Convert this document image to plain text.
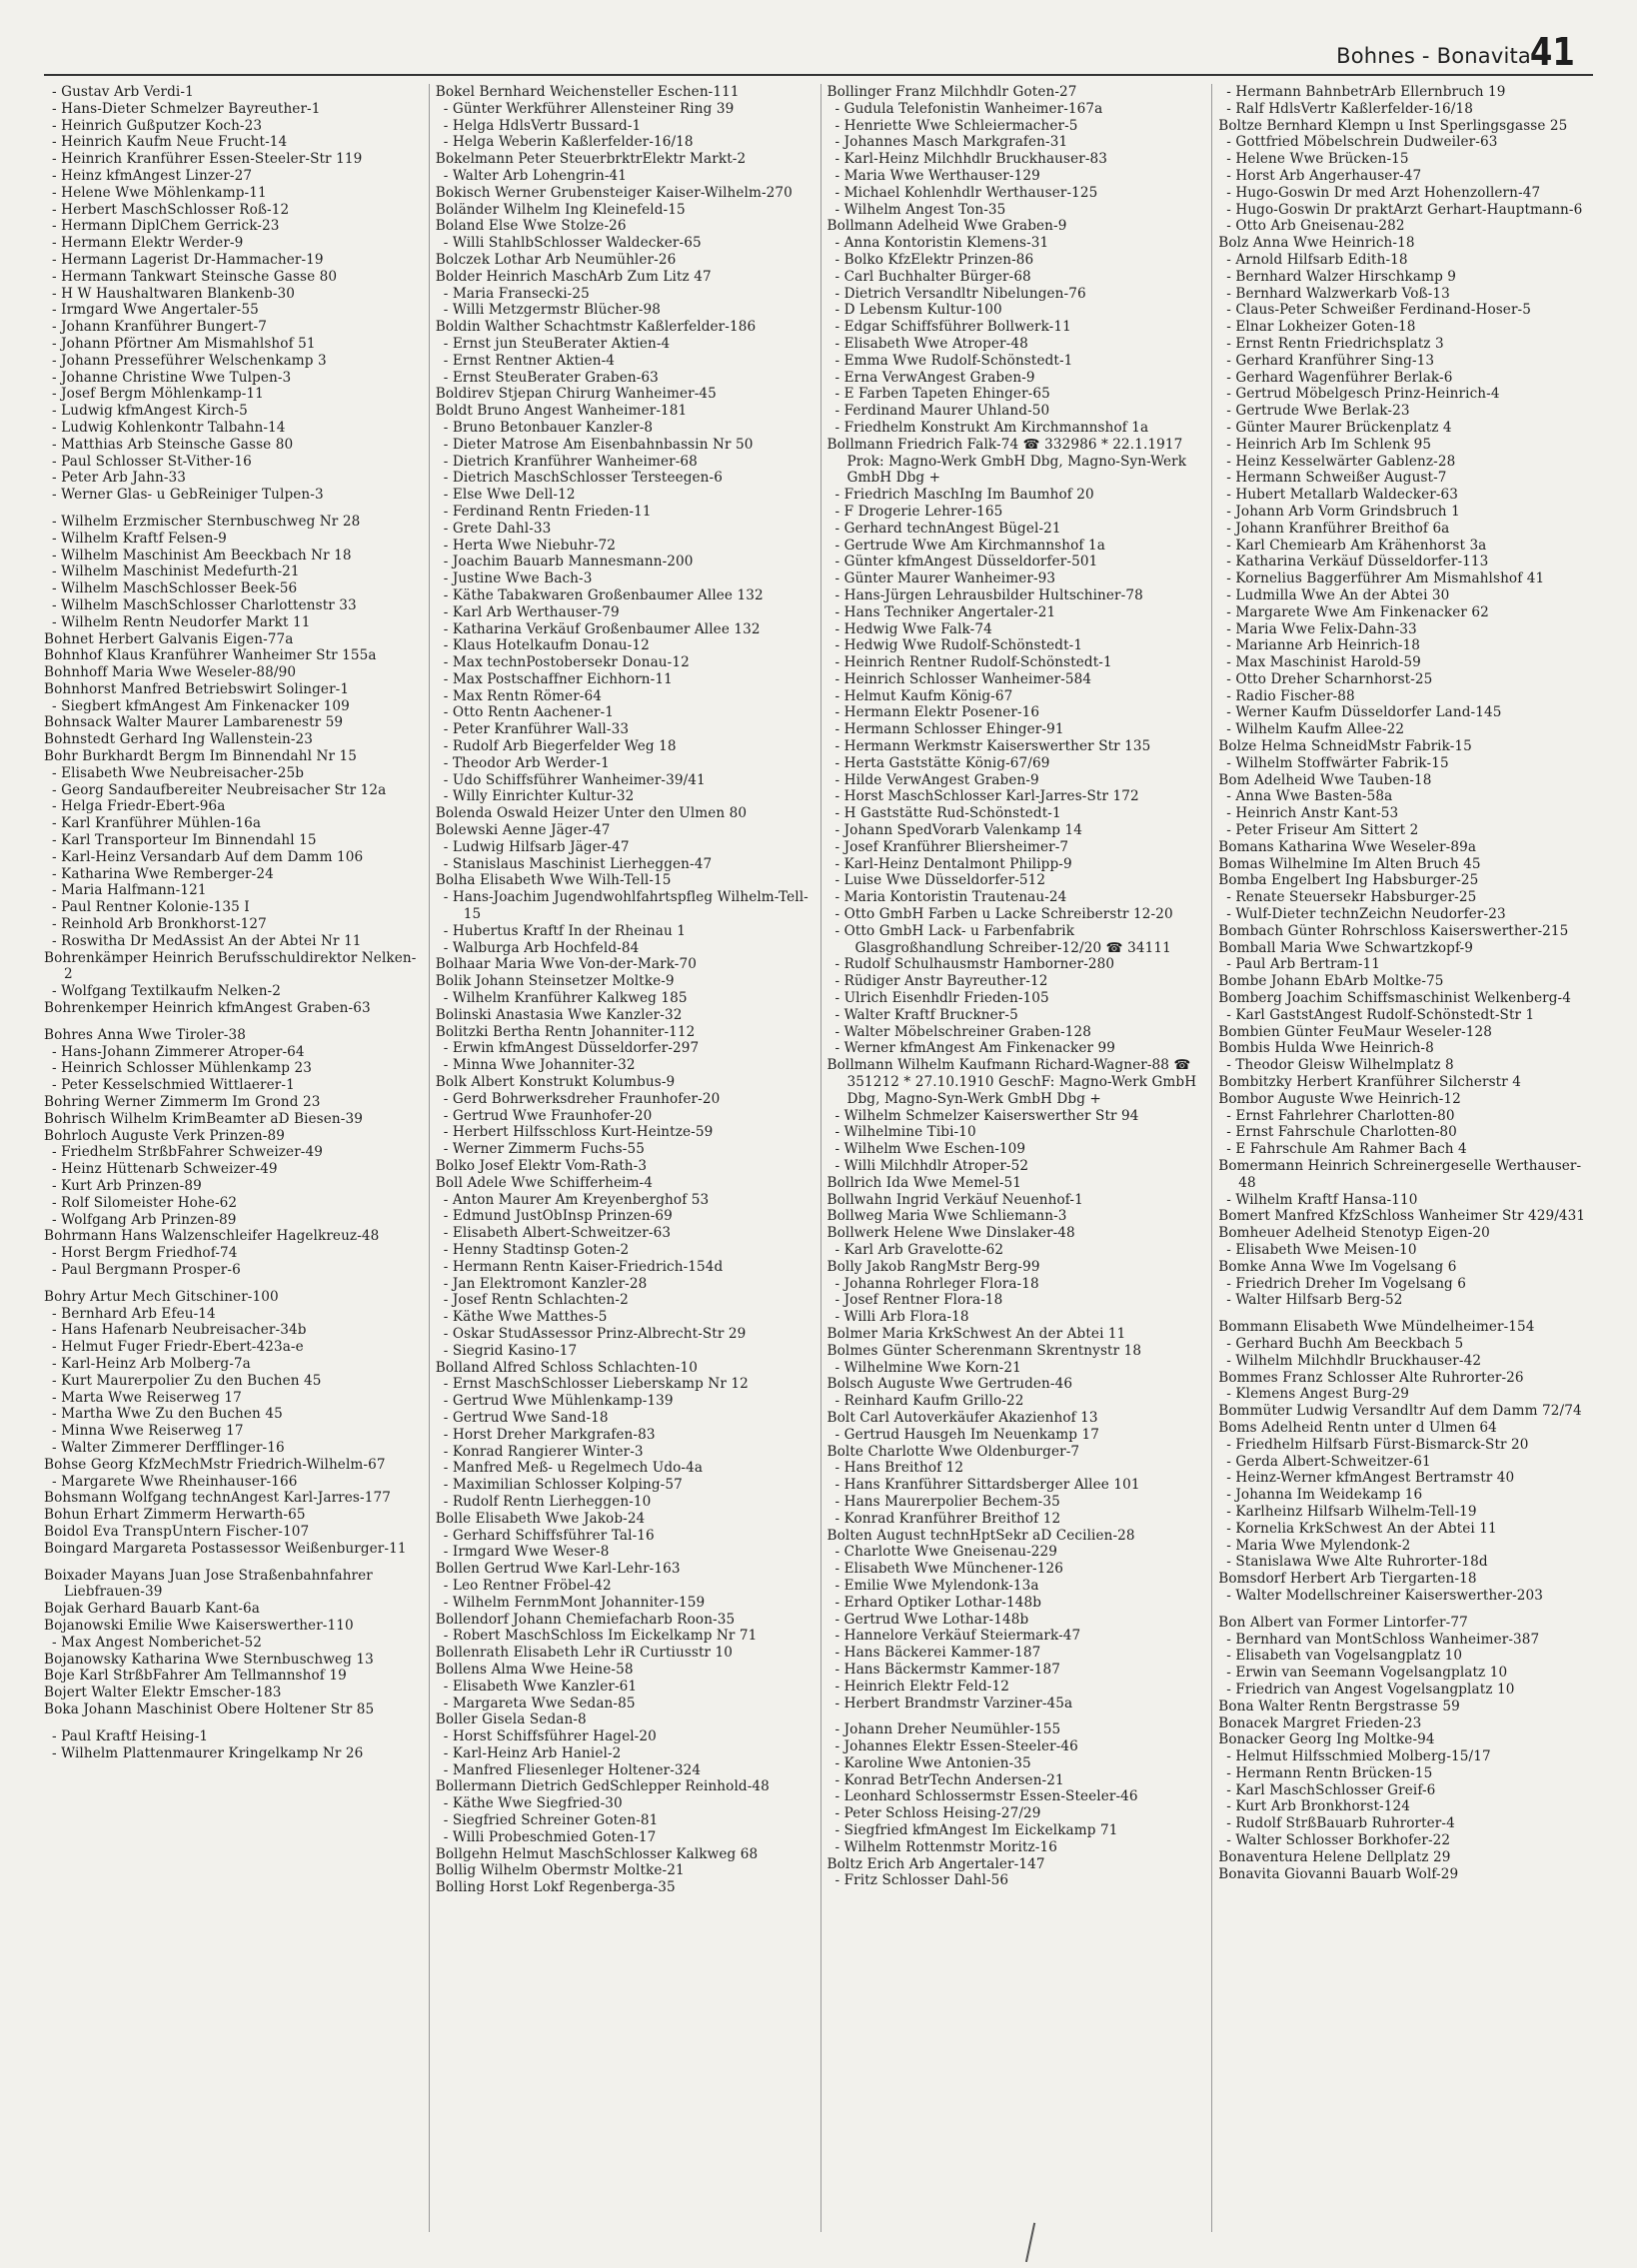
Bohnes - Bonavita 41
- Gustav Arb Verdi-1
- Hans-Dieter Schmelzer Bayreuther-1
- Heinrich Gußputzer Koch-23
- Heinrich Kaufm Neue Frucht-14
- Heinrich Kranführer Essen-Steeler-Str 119
- Heinz kfmAngest Linzer-27
- Helene Wwe Möhlenkamp-11
- Herbert MaschSchlosser Roß-12
- Hermann DiplChem Gerrick-23
- Hermann Elektr Werder-9
- Hermann Lagerist Dr-Hammacher-19
- Hermann Tankwart Steinsche Gasse 80
- H W Haushaltwaren Blankenb-30
- Irmgard Wwe Angertaler-55
- Johann Kranführer Bungert-7
- Johann Pförtner Am Mismahlshof 51
- Johann Presseführer Welschenkamp 3
- Johanne Christine Wwe Tulpen-3
- Josef Bergm Möhlenkamp-11
- Ludwig kfmAngest Kirch-5
- Ludwig Kohlenkontr Talbahn-14
- Matthias Arb Steinsche Gasse 80
- Paul Schlosser St-Vither-16
- Peter Arb Jahn-33
- Werner Glas- u GebReiniger Tulpen-3
- Wilhelm Erzmischer Sternbuschweg Nr 28
- Wilhelm Kraftf Felsen-9
- Wilhelm Maschinist Am Beeckbach Nr 18
- Wilhelm Maschinist Medefurth-21
- Wilhelm MaschSchlosser Beek-56
- Wilhelm MaschSchlosser Charlottenstr 33
- Wilhelm Rentn Neudorfer Markt 11
Bohnet Herbert Galvanis Eigen-77a
Bohnhof Klaus Kranführer Wanheimer Str 155a
Bohnhoff Maria Wwe Weseler-88/90
Bohnhorst Manfred Betriebswirt Solinger-1
- Siegbert kfmAngest Am Finkenacker 109
Bohnsack Walter Maurer Lambarenestr 59
Bohnstedt Gerhard Ing Wallenstein-23
Bohr Burkhardt Bergm Im Binnendahl Nr 15
- Elisabeth Wwe Neubreisacher-25b
- Georg Sandaufbereiter Neubreisacher Str 12a
- Helga Friedr-Ebert-96a
- Karl Kranführer Mühlen-16a
- Karl Transporteur Im Binnendahl 15
- Karl-Heinz Versandarb Auf dem Damm 106
- Katharina Wwe Remberger-24
- Maria Halfmann-121
- Paul Rentner Kolonie-135 I
- Reinhold Arb Bronkhorst-127
- Roswitha Dr MedAssist An der Abtei Nr 11
Bohrenkämper Heinrich Berufsschuldirektor Nelken-2
- Wolfgang Textilkaufm Nelken-2
Bohrenkemper Heinrich kfmAngest Graben-63
Bohres Anna Wwe Tiroler-38
- Hans-Johann Zimmerer Atroper-64
- Heinrich Schlosser Mühlenkamp 23
- Peter Kesselschmied Wittlaerer-1
Bohring Werner Zimmerm Im Grond 23
Bohrisch Wilhelm KrimBeamter aD Biesen-39
Bohrloch Auguste Verk Prinzen-89
- Friedhelm StrßbFahrer Schweizer-49
- Heinz Hüttenarb Schweizer-49
- Kurt Arb Prinzen-89
- Rolf Silomeister Hohe-62
- Wolfgang Arb Prinzen-89
Bohrmann Hans Walzenschleifer Hagelkreuz-48
- Horst Bergm Friedhof-74
- Paul Bergmann Prosper-6
Bohry Artur Mech Gitschiner-100
- Bernhard Arb Efeu-14
- Hans Hafenarb Neubreisacher-34b
- Helmut Fuger Friedr-Ebert-423a-e
- Karl-Heinz Arb Molberg-7a
- Kurt Maurerpolier Zu den Buchen 45
- Marta Wwe Reiserweg 17
- Martha Wwe Zu den Buchen 45
- Minna Wwe Reiserweg 17
- Walter Zimmerer Derfflinger-16
Bohse Georg KfzMechMstr Friedrich-Wilhelm-67
- Margarete Wwe Rheinhauser-166
Bohsmann Wolfgang technAngest Karl-Jarres-177
Bohun Erhart Zimmerm Herwarth-65
Boidol Eva TranspUntern Fischer-107
Boingard Margareta Postassessor Weißenburger-11
Boixader Mayans Juan Jose Straßenbahnfahrer Liebfrauen-39
Bojak Gerhard Bauarb Kant-6a
Bojanowski Emilie Wwe Kaiserswerther-110
- Max Angest Nomberichet-52
Bojanowsky Katharina Wwe Sternbuschweg 13
Boje Karl StrßbFahrer Am Tellmannshof 19
Bojert Walter Elektr Emscher-183
Boka Johann Maschinist Obere Holtener Str 85
- Paul Kraftf Heising-1
- Wilhelm Plattenmaurer Kringelkamp Nr 26
Bokel Bernhard Weichensteller Eschen-111
- Günter Werkführer Allensteiner Ring 39
- Helga HdlsVertr Bussard-1
- Helga Weberin Kaßlerfelder-16/18
Bokelmann Peter SteuerbrktrElektr Markt-2
- Walter Arb Lohengrin-41
Bokisch Werner Grubensteiger Kaiser-Wilhelm-270
Boländer Wilhelm Ing Kleinefeld-15
Boland Else Wwe Stolze-26
- Willi StahlbSchlosser Waldecker-65
Bolczek Lothar Arb Neumühler-26
Bolder Heinrich MaschArb Zum Litz 47
- Maria Fransecki-25
- Willi Metzgermstr Blücher-98
Boldin Walther Schachtmstr Kaßlerfelder-186
- Ernst jun SteuBerater Aktien-4
- Ernst Rentner Aktien-4
- Ernst SteuBerater Graben-63
Boldirev Stjepan Chirurg Wanheimer-45
Boldt Bruno Angest Wanheimer-181
- Bruno Betonbauer Kanzler-8
- Dieter Matrose Am Eisenbahnbassin Nr 50
- Dietrich Kranführer Wanheimer-68
- Dietrich MaschSchlosser Tersteegen-6
- Else Wwe Dell-12
- Ferdinand Rentn Frieden-11
- Grete Dahl-33
- Herta Wwe Niebuhr-72
- Joachim Bauarb Mannesmann-200
- Justine Wwe Bach-3
- Käthe Tabakwaren Großenbaumer Allee 132
- Karl Arb Werthauser-79
- Katharina Verkäuf Großenbaumer Allee 132
- Klaus Hotelkaufm Donau-12
- Max technPostobersekr Donau-12
- Max Postschaffner Eichhorn-11
- Max Rentn Römer-64
- Otto Rentn Aachener-1
- Peter Kranführer Wall-33
- Rudolf Arb Biegerfelder Weg 18
- Theodor Arb Werder-1
- Udo Schiffsführer Wanheimer-39/41
- Willy Einrichter Kultur-32
Bolenda Oswald Heizer Unter den Ulmen 80
Bolewski Aenne Jäger-47
- Ludwig Hilfsarb Jäger-47
- Stanislaus Maschinist Lierheggen-47
Bolha Elisabeth Wwe Wilh-Tell-15
- Hans-Joachim Jugendwohlfahrtspfleg Wilhelm-Tell-15
- Hubertus Kraftf In der Rheinau 1
- Walburga Arb Hochfeld-84
Bolhaar Maria Wwe Von-der-Mark-70
Bolik Johann Steinsetzer Moltke-9
- Wilhelm Kranführer Kalkweg 185
Bolinski Anastasia Wwe Kanzler-32
Bolitzki Bertha Rentn Johanniter-112
- Erwin kfmAngest Düsseldorfer-297
- Minna Wwe Johanniter-32
Bolk Albert Konstrukt Kolumbus-9
- Gerd Bohrwerksdreher Fraunhofer-20
- Gertrud Wwe Fraunhofer-20
- Herbert Hilfsschloss Kurt-Heintze-59
- Werner Zimmerm Fuchs-55
Bolko Josef Elektr Vom-Rath-3
Boll Adele Wwe Schifferheim-4
- Anton Maurer Am Kreyenberghof 53
- Edmund JustObInsp Prinzen-69
- Elisabeth Albert-Schweitzer-63
- Henny Stadtinsp Goten-2
- Hermann Rentn Kaiser-Friedrich-154d
- Jan Elektromont Kanzler-28
- Josef Rentn Schlachten-2
- Käthe Wwe Matthes-5
- Oskar StudAssessor Prinz-Albrecht-Str 29
- Siegrid Kasino-17
Bolland Alfred Schloss Schlachten-10
- Ernst MaschSchlosser Lieberskamp Nr 12
- Gertrud Wwe Mühlenkamp-139
- Gertrud Wwe Sand-18
- Horst Dreher Markgrafen-83
- Konrad Rangierer Winter-3
- Manfred Meß- u Regelmech Udo-4a
- Maximilian Schlosser Kolping-57
- Rudolf Rentn Lierheggen-10
Bolle Elisabeth Wwe Jakob-24
- Gerhard Schiffsführer Tal-16
- Irmgard Wwe Weser-8
Bollen Gertrud Wwe Karl-Lehr-163
- Leo Rentner Fröbel-42
- Wilhelm FernmMont Johanniter-159
Bollendorf Johann Chemiefacharb Roon-35
- Robert MaschSchloss Im Eickelkamp Nr 71
Bollenrath Elisabeth Lehr iR Curtiusstr 10
Bollens Alma Wwe Heine-58
- Elisabeth Wwe Kanzler-61
- Margareta Wwe Sedan-85
Boller Gisela Sedan-8
- Horst Schiffsführer Hagel-20
- Karl-Heinz Arb Haniel-2
- Manfred Fliesenleger Holtener-324
Bollermann Dietrich GedSchlepper Reinhold-48
- Käthe Wwe Siegfried-30
- Siegfried Schreiner Goten-81
- Willi Probeschmied Goten-17
Bollgehn Helmut MaschSchlosser Kalkweg 68
Bollig Wilhelm Obermstr Moltke-21
Bolling Horst Lokf Regenberga-35
Bollinger Franz Milchhdlr Goten-27
- Gudula Telefonistin Wanheimer-167a
- Henriette Wwe Schleiermacher-5
- Johannes Masch Markgrafen-31
- Karl-Heinz Milchhdlr Bruckhauser-83
- Maria Wwe Werthauser-129
- Michael Kohlenhdlr Werthauser-125
- Wilhelm Angest Ton-35
Bollmann Adelheid Wwe Graben-9
- Anna Kontoristin Klemens-31
- Bolko KfzElektr Prinzen-86
- Carl Buchhalter Bürger-68
- Dietrich Versandltr Nibelungen-76
- D Lebensm Kultur-100
- Edgar Schiffsführer Bollwerk-11
- Elisabeth Wwe Atroper-48
- Emma Wwe Rudolf-Schönstedt-1
- Erna VerwAngest Graben-9
- E Farben Tapeten Ehinger-65
- Ferdinand Maurer Uhland-50
- Friedhelm Konstrukt Am Kirchmannshof 1a
Bollmann Friedrich Falk-74 ☎ 332986 * 22.1.1917 Prok: Magno-Werk GmbH Dbg, Magno-Syn-Werk GmbH Dbg +
- Friedrich MaschIng Im Baumhof 20
- F Drogerie Lehrer-165
- Gerhard technAngest Bügel-21
- Gertrude Wwe Am Kirchmannshof 1a
- Günter kfmAngest Düsseldorfer-501
- Günter Maurer Wanheimer-93
- Hans-Jürgen Lehrausbilder Hultschiner-78
- Hans Techniker Angertaler-21
- Hedwig Wwe Falk-74
- Hedwig Wwe Rudolf-Schönstedt-1
- Heinrich Rentner Rudolf-Schönstedt-1
- Heinrich Schlosser Wanheimer-584
- Helmut Kaufm König-67
- Hermann Elektr Posener-16
- Hermann Schlosser Ehinger-91
- Hermann Werkmstr Kaiserswerther Str 135
- Herta Gaststätte König-67/69
- Hilde VerwAngest Graben-9
- Horst MaschSchlosser Karl-Jarres-Str 172
- H Gaststätte Rud-Schönstedt-1
- Johann SpedVorarb Valenkamp 14
- Josef Kranführer Bliersheimer-7
- Karl-Heinz Dentalmont Philipp-9
- Luise Wwe Düsseldorfer-512
- Maria Kontoristin Trautenau-24
- Otto GmbH Farben u Lacke Schreiberstr 12-20
- Otto GmbH Lack- u Farbenfabrik Glasgroßhandlung Schreiber-12/20 ☎ 34111
- Rudolf Schulhausmstr Hamborner-280
- Rüdiger Anstr Bayreuther-12
- Ulrich Eisenhdlr Frieden-105
- Walter Kraftf Bruckner-5
- Walter Möbelschreiner Graben-128
- Werner kfmAngest Am Finkenacker 99
Bollmann Wilhelm Kaufmann Richard-Wagner-88 ☎ 351212 * 27.10.1910 GeschF: Magno-Werk GmbH Dbg, Magno-Syn-Werk GmbH Dbg +
- Wilhelm Schmelzer Kaiserswerther Str 94
- Wilhelmine Tibi-10
- Wilhelm Wwe Eschen-109
- Willi Milchhdlr Atroper-52
Bollrich Ida Wwe Memel-51
Bollwahn Ingrid Verkäuf Neuenhof-1
Bollweg Maria Wwe Schliemann-3
Bollwerk Helene Wwe Dinslaker-48
- Karl Arb Gravelotte-62
Bolly Jakob RangMstr Berg-99
- Johanna Rohrleger Flora-18
- Josef Rentner Flora-18
- Willi Arb Flora-18
Bolmer Maria KrkSchwest An der Abtei 11
Bolmes Günter Scherenmann Skrentnystr 18
- Wilhelmine Wwe Korn-21
Bolsch Auguste Wwe Gertruden-46
- Reinhard Kaufm Grillo-22
Bolt Carl Autoverkäufer Akazienhof 13
- Gertrud Hausgeh Im Neuenkamp 17
Bolte Charlotte Wwe Oldenburger-7
- Hans Breithof 12
- Hans Kranführer Sittardsberger Allee 101
- Hans Maurerpolier Bechem-35
- Konrad Kranführer Breithof 12
Bolten August technHptSekr aD Cecilien-28
- Charlotte Wwe Gneisenau-229
- Elisabeth Wwe Münchener-126
- Emilie Wwe Mylendonk-13a
- Erhard Optiker Lothar-148b
- Gertrud Wwe Lothar-148b
- Hannelore Verkäuf Steiermark-47
- Hans Bäckerei Kammer-187
- Hans Bäckermstr Kammer-187
- Heinrich Elektr Feld-12
- Herbert Brandmstr Varziner-45a
- Johann Dreher Neumühler-155
- Johannes Elektr Essen-Steeler-46
- Karoline Wwe Antonien-35
- Konrad BetrTechn Andersen-21
- Leonhard Schlossermstr Essen-Steeler-46
- Peter Schloss Heising-27/29
- Siegfried kfmAngest Im Eickelkamp 71
- Wilhelm Rottenmstr Moritz-16
Boltz Erich Arb Angertaler-147
- Fritz Schlosser Dahl-56
- Hermann BahnbetrArb Ellernbruch 19
- Ralf HdlsVertr Kaßlerfelder-16/18
Boltze Bernhard Klempn u Inst Sperlingsgasse 25
- Gottfried Möbelschrein Dudweiler-63
- Helene Wwe Brücken-15
- Horst Arb Angerhauser-47
- Hugo-Goswin Dr med Arzt Hohenzollern-47
- Hugo-Goswin Dr praktArzt Gerhart-Hauptmann-6
- Otto Arb Gneisenau-282
Bolz Anna Wwe Heinrich-18
- Arnold Hilfsarb Edith-18
- Bernhard Walzer Hirschkamp 9
- Bernhard Walzwerkarb Voß-13
- Claus-Peter Schweißer Ferdinand-Hoser-5
- Elnar Lokheizer Goten-18
- Ernst Rentn Friedrichsplatz 3
- Gerhard Kranführer Sing-13
- Gerhard Wagenführer Berlak-6
- Gertrud Möbelgesch Prinz-Heinrich-4
- Gertrude Wwe Berlak-23
- Günter Maurer Brückenplatz 4
- Heinrich Arb Im Schlenk 95
- Heinz Kesselwärter Gablenz-28
- Hermann Schweißer August-7
- Hubert Metallarb Waldecker-63
- Johann Arb Vorm Grindsbruch 1
- Johann Kranführer Breithof 6a
- Karl Chemiearb Am Krähenhorst 3a
- Katharina Verkäuf Düsseldorfer-113
- Kornelius Baggerführer Am Mismahlshof 41
- Ludmilla Wwe An der Abtei 30
- Margarete Wwe Am Finkenacker 62
- Maria Wwe Felix-Dahn-33
- Marianne Arb Heinrich-18
- Max Maschinist Harold-59
- Otto Dreher Scharnhorst-25
- Radio Fischer-88
- Werner Kaufm Düsseldorfer Land-145
- Wilhelm Kaufm Allee-22
Bolze Helma SchneidMstr Fabrik-15
- Wilhelm Stoffwärter Fabrik-15
Bom Adelheid Wwe Tauben-18
- Anna Wwe Basten-58a
- Heinrich Anstr Kant-53
- Peter Friseur Am Sittert 2
Bomans Katharina Wwe Weseler-89a
Bomas Wilhelmine Im Alten Bruch 45
Bomba Engelbert Ing Habsburger-25
- Renate Steuersekr Habsburger-25
- Wulf-Dieter technZeichn Neudorfer-23
Bombach Günter Rohrschloss Kaiserswerther-215
Bomball Maria Wwe Schwartzkopf-9
- Paul Arb Bertram-11
Bombe Johann EbArb Moltke-75
Bomberg Joachim Schiffsmaschinist Welkenberg-4
- Karl GaststAngest Rudolf-Schönstedt-Str 1
Bombien Günter FeuMaur Weseler-128
Bombis Hulda Wwe Heinrich-8
- Theodor Gleisw Wilhelmplatz 8
Bombitzky Herbert Kranführer Silcherstr 4
Bombor Auguste Wwe Heinrich-12
- Ernst Fahrlehrer Charlotten-80
- Ernst Fahrschule Charlotten-80
- E Fahrschule Am Rahmer Bach 4
Bomermann Heinrich Schreinergeselle Werthauser-48
- Wilhelm Kraftf Hansa-110
Bomert Manfred KfzSchloss Wanheimer Str 429/431
Bomheuer Adelheid Stenotyp Eigen-20
- Elisabeth Wwe Meisen-10
Bomke Anna Wwe Im Vogelsang 6
- Friedrich Dreher Im Vogelsang 6
- Walter Hilfsarb Berg-52
Bommann Elisabeth Wwe Mündelheimer-154
- Gerhard Buchh Am Beeckbach 5
- Wilhelm Milchhdlr Bruckhauser-42
Bommes Franz Schlosser Alte Ruhrorter-26
- Klemens Angest Burg-29
Bommüter Ludwig Versandltr Auf dem Damm 72/74
Boms Adelheid Rentn unter d Ulmen 64
- Friedhelm Hilfsarb Fürst-Bismarck-Str 20
- Gerda Albert-Schweitzer-61
- Heinz-Werner kfmAngest Bertramstr 40
- Johanna Im Weidekamp 16
- Karlheinz Hilfsarb Wilhelm-Tell-19
- Kornelia KrkSchwest An der Abtei 11
- Maria Wwe Mylendonk-2
- Stanislawa Wwe Alte Ruhrorter-18d
Bomsdorf Herbert Arb Tiergarten-18
- Walter Modellschreiner Kaiserswerther-203
Bon Albert van Former Lintorfer-77
- Bernhard van MontSchloss Wanheimer-387
- Elisabeth van Vogelsangplatz 10
- Erwin van Seemann Vogelsangplatz 10
- Friedrich van Angest Vogelsangplatz 10
Bona Walter Rentn Bergstrasse 59
Bonacek Margret Frieden-23
Bonacker Georg Ing Moltke-94
- Helmut Hilfsschmied Molberg-15/17
- Hermann Rentn Brücken-15
- Karl MaschSchlosser Greif-6
- Kurt Arb Bronkhorst-124
- Rudolf StrßBauarb Ruhrorter-4
- Walter Schlosser Borkhofer-22
Bonaventura Helene Dellplatz 29
Bonavita Giovanni Bauarb Wolf-29
